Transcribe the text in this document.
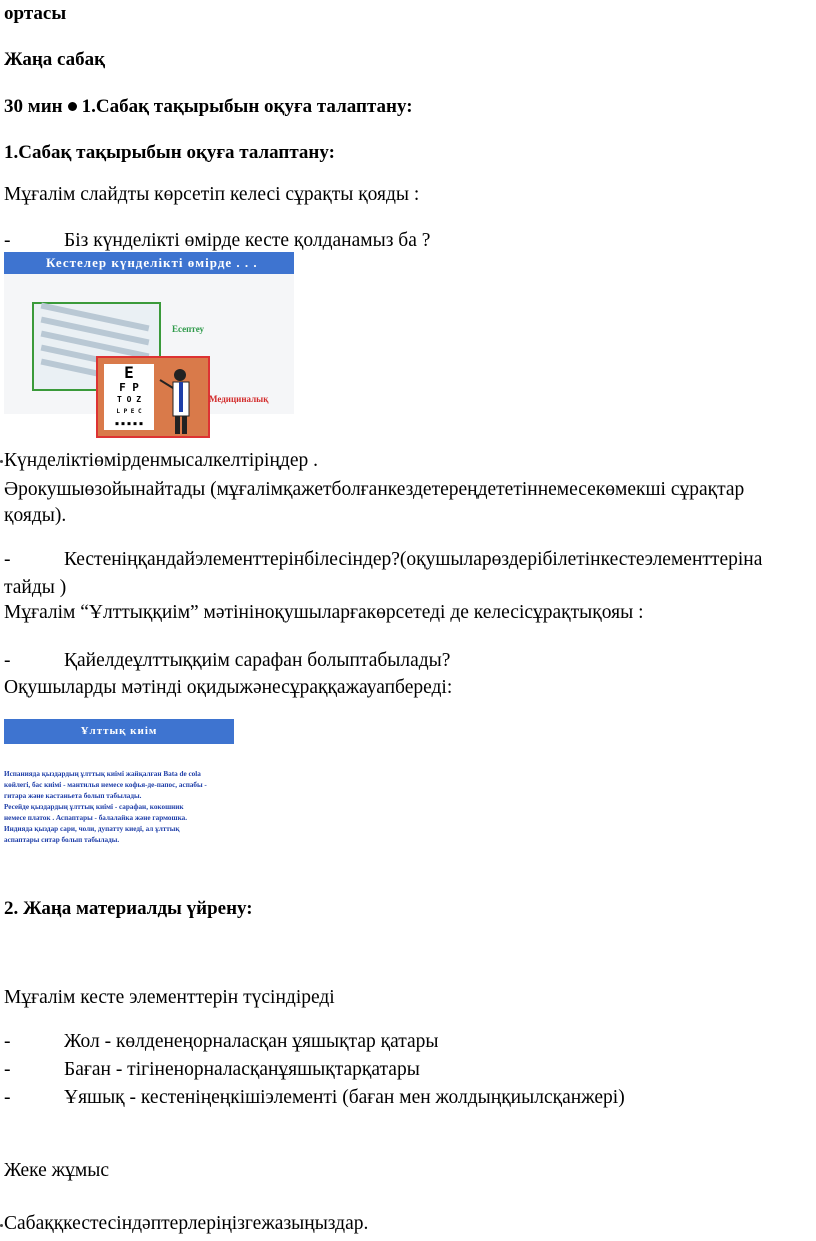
ортасы
Жаңа сабақ
30 мин 1.Сабақ тақырыбын оқуға талаптану:
1.Сабақ тақырыбын оқуға талаптану:
Мұғалім слайдты көрсетіп келесі сұрақты қояды :
-	Біз күнделікті өмірде кесте қолданамыз ба ?
Кестелер күнделікті өмірде . . .
Есептеу
E
F P
T O Z
L P E C
■ ■ ■ ■ ■
Медициналық
Күнделіктіөмірденмысалкелтіріңдер .
Әрокушыөзойынайтады (мұғалімқажетболғанкездетереңдететіннемесекөмекші сұрақтар
қояды).
-	Кестеніңқандайэлементтерінбілесіндер?(оқушыларөздерібілетінкестеэлементтеріна
тайды )
Мұғалім “Ұлттыққиім” мәтініноқушыларғакөрсетеді де келесісұрақтықояы :
-	Қайелдеұлттыққиім сарафан болыптабылады?
Оқушыларды мәтінді оқидыжәнесұраққажауапбереді:
Ұлттық киім
Испанияда қыздардың ұлттық киімі жайқалған Bata de cola
көйлегі, бас киімі - мантилья немесе кофья-де-папос, аспабы -
гитара және кастаньета болып табылады.
Ресейде қыздардың ұлттық киімі - сарафан, кокошник
немесе платок . Аспаптары - балалайка және гармошка.
Индияда қыздар сари, чоли, дупатту киеді, ал ұлттық
аспаптары ситар болып табылады.
2. Жаңа материалды үйрену:
Мұғалім кесте элементтерін түсіндіреді
-	Жол - көлденеңорналасқан ұяшықтар қатары
-	Баған - тігіненорналасқанұяшықтарқатары
-	Ұяшық - кестеніңеңкішіэлементі (баған мен жолдыңқиылсқанжері)
Жеке жұмыс
Сабаққкестесіндәптерлеріңізгежазыңыздар.
